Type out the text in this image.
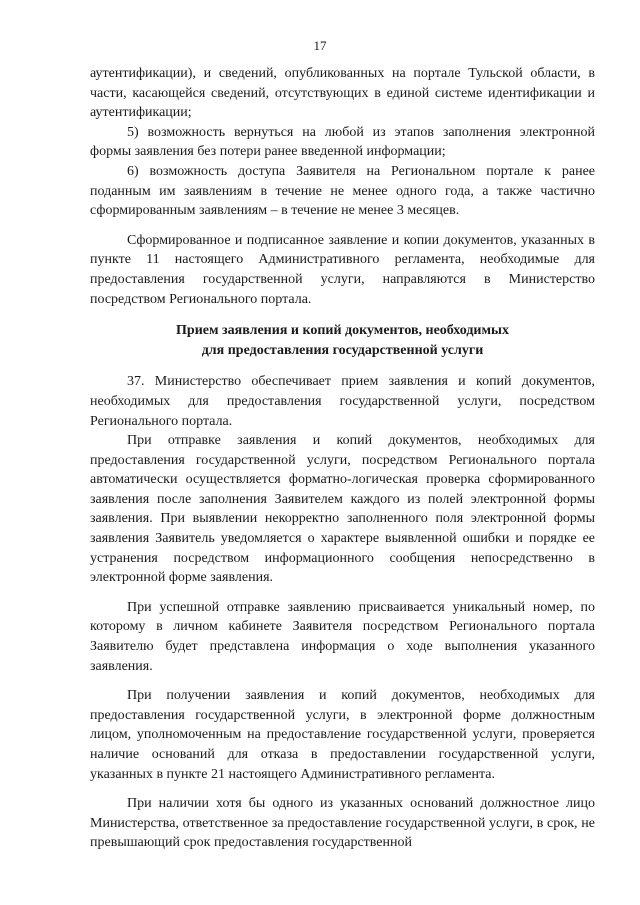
17

аутентификации), и сведений, опубликованных на портале Тульской области, в части, касающейся сведений, отсутствующих в единой системе идентификации и аутентификации;

5) возможность вернуться на любой из этапов заполнения электронной формы заявления без потери ранее введенной информации;

6) возможность доступа Заявителя на Региональном портале к ранее поданным им заявлениям в течение не менее одного года, а также частично сформированным заявлениям – в течение не менее 3 месяцев.

Сформированное и подписанное заявление и копии документов, указанных в пункте 11 настоящего Административного регламента, необходимые для предоставления государственной услуги, направляются в Министерство посредством Регионального портала.

Прием заявления и копий документов, необходимых

для предоставления государственной услуги

37. Министерство обеспечивает прием заявления и копий документов, необходимых для предоставления государственной услуги, посредством Регионального портала.

При отправке заявления и копий документов, необходимых для предоставления государственной услуги, посредством Регионального портала автоматически осуществляется форматно-логическая проверка сформированного заявления после заполнения Заявителем каждого из полей электронной формы заявления. При выявлении некорректно заполненного поля электронной формы заявления Заявитель уведомляется о характере выявленной ошибки и порядке ее устранения посредством информационного сообщения непосредственно в электронной форме заявления.

При успешной отправке заявлению присваивается уникальный номер, по которому в личном кабинете Заявителя посредством Регионального портала Заявителю будет представлена информация о ходе выполнения указанного заявления.

При получении заявления и копий документов, необходимых для предоставления государственной услуги, в электронной форме должностным лицом, уполномоченным на предоставление государственной услуги, проверяется наличие оснований для отказа в предоставлении государственной услуги, указанных в пункте 21 настоящего Административного регламента.

При наличии хотя бы одного из указанных оснований должностное лицо Министерства, ответственное за предоставление государственной услуги, в срок, не превышающий срок предоставления государственной
